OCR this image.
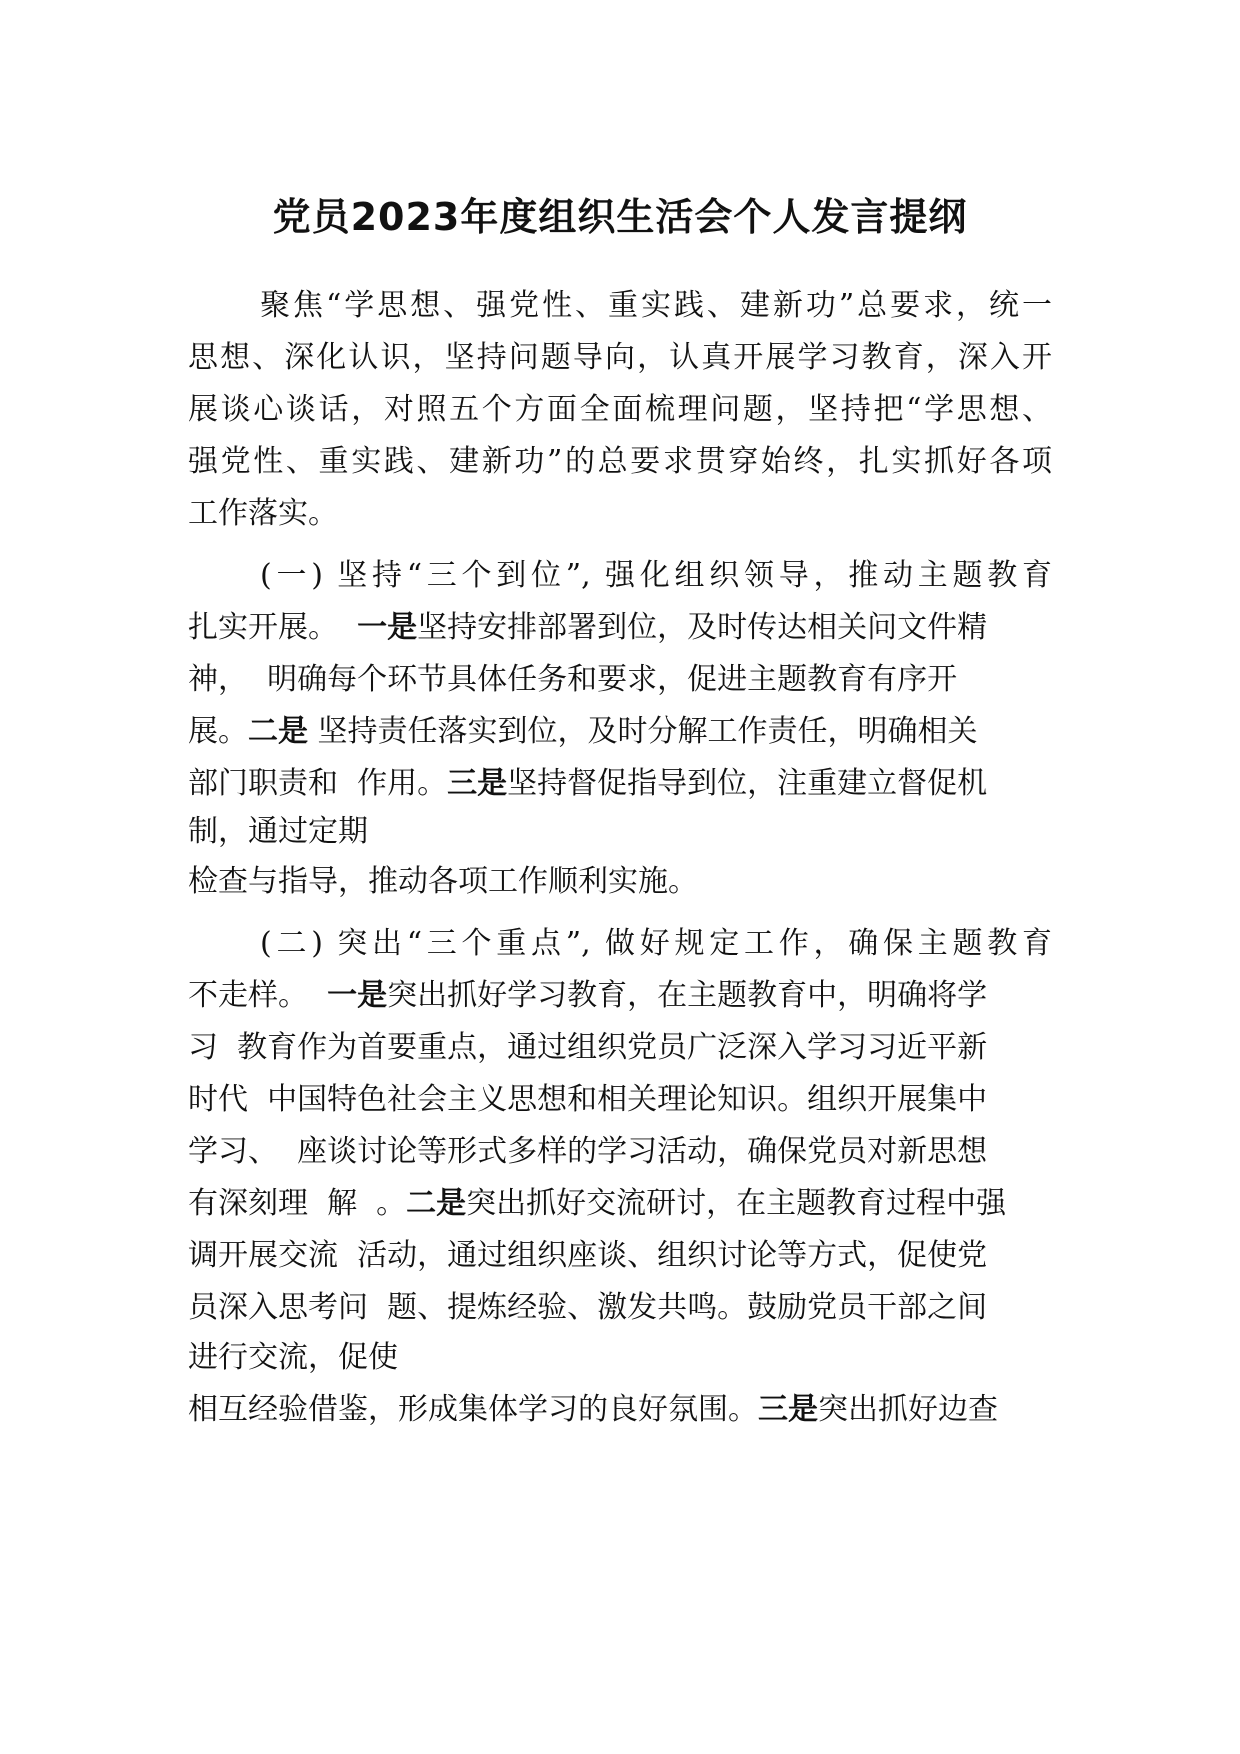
党员2023年度组织生活会个人发言提纲

聚焦“学思想、强党性、重实践、建新功”总要求，统一

思想、深化认识，坚持问题导向，认真开展学习教育，深入开

展谈心谈话，对照五个方面全面梳理问题，坚持把“学思想、

强党性、重实践、建新功”的总要求贯穿始终，扎实抓好各项

工作落实。

(一) 坚持“三个到位”, 强化组织领导，推动主题教育

扎实开展。  一是坚持安排部署到位，及时传达相关问文件精

神，  明确每个环节具体任务和要求，促进主题教育有序开

展。二是 坚持责任落实到位，及时分解工作责任，明确相关

部门职责和  作用。三是坚持督促指导到位，注重建立督促机

制，通过定期

检查与指导，推动各项工作顺利实施。

(二) 突出“三个重点”, 做好规定工作，确保主题教育

不走样。  一是突出抓好学习教育，在主题教育中，明确将学

习  教育作为首要重点，通过组织党员广泛深入学习习近平新

时代  中国特色社会主义思想和相关理论知识。组织开展集中

学习、  座谈讨论等形式多样的学习活动，确保党员对新思想

有深刻理  解  。二是突出抓好交流研讨，在主题教育过程中强

调开展交流  活动，通过组织座谈、组织讨论等方式，促使党

员深入思考问  题、提炼经验、激发共鸣。鼓励党员干部之间

进行交流，促使

相互经验借鉴，形成集体学习的良好氛围。三是突出抓好边查
